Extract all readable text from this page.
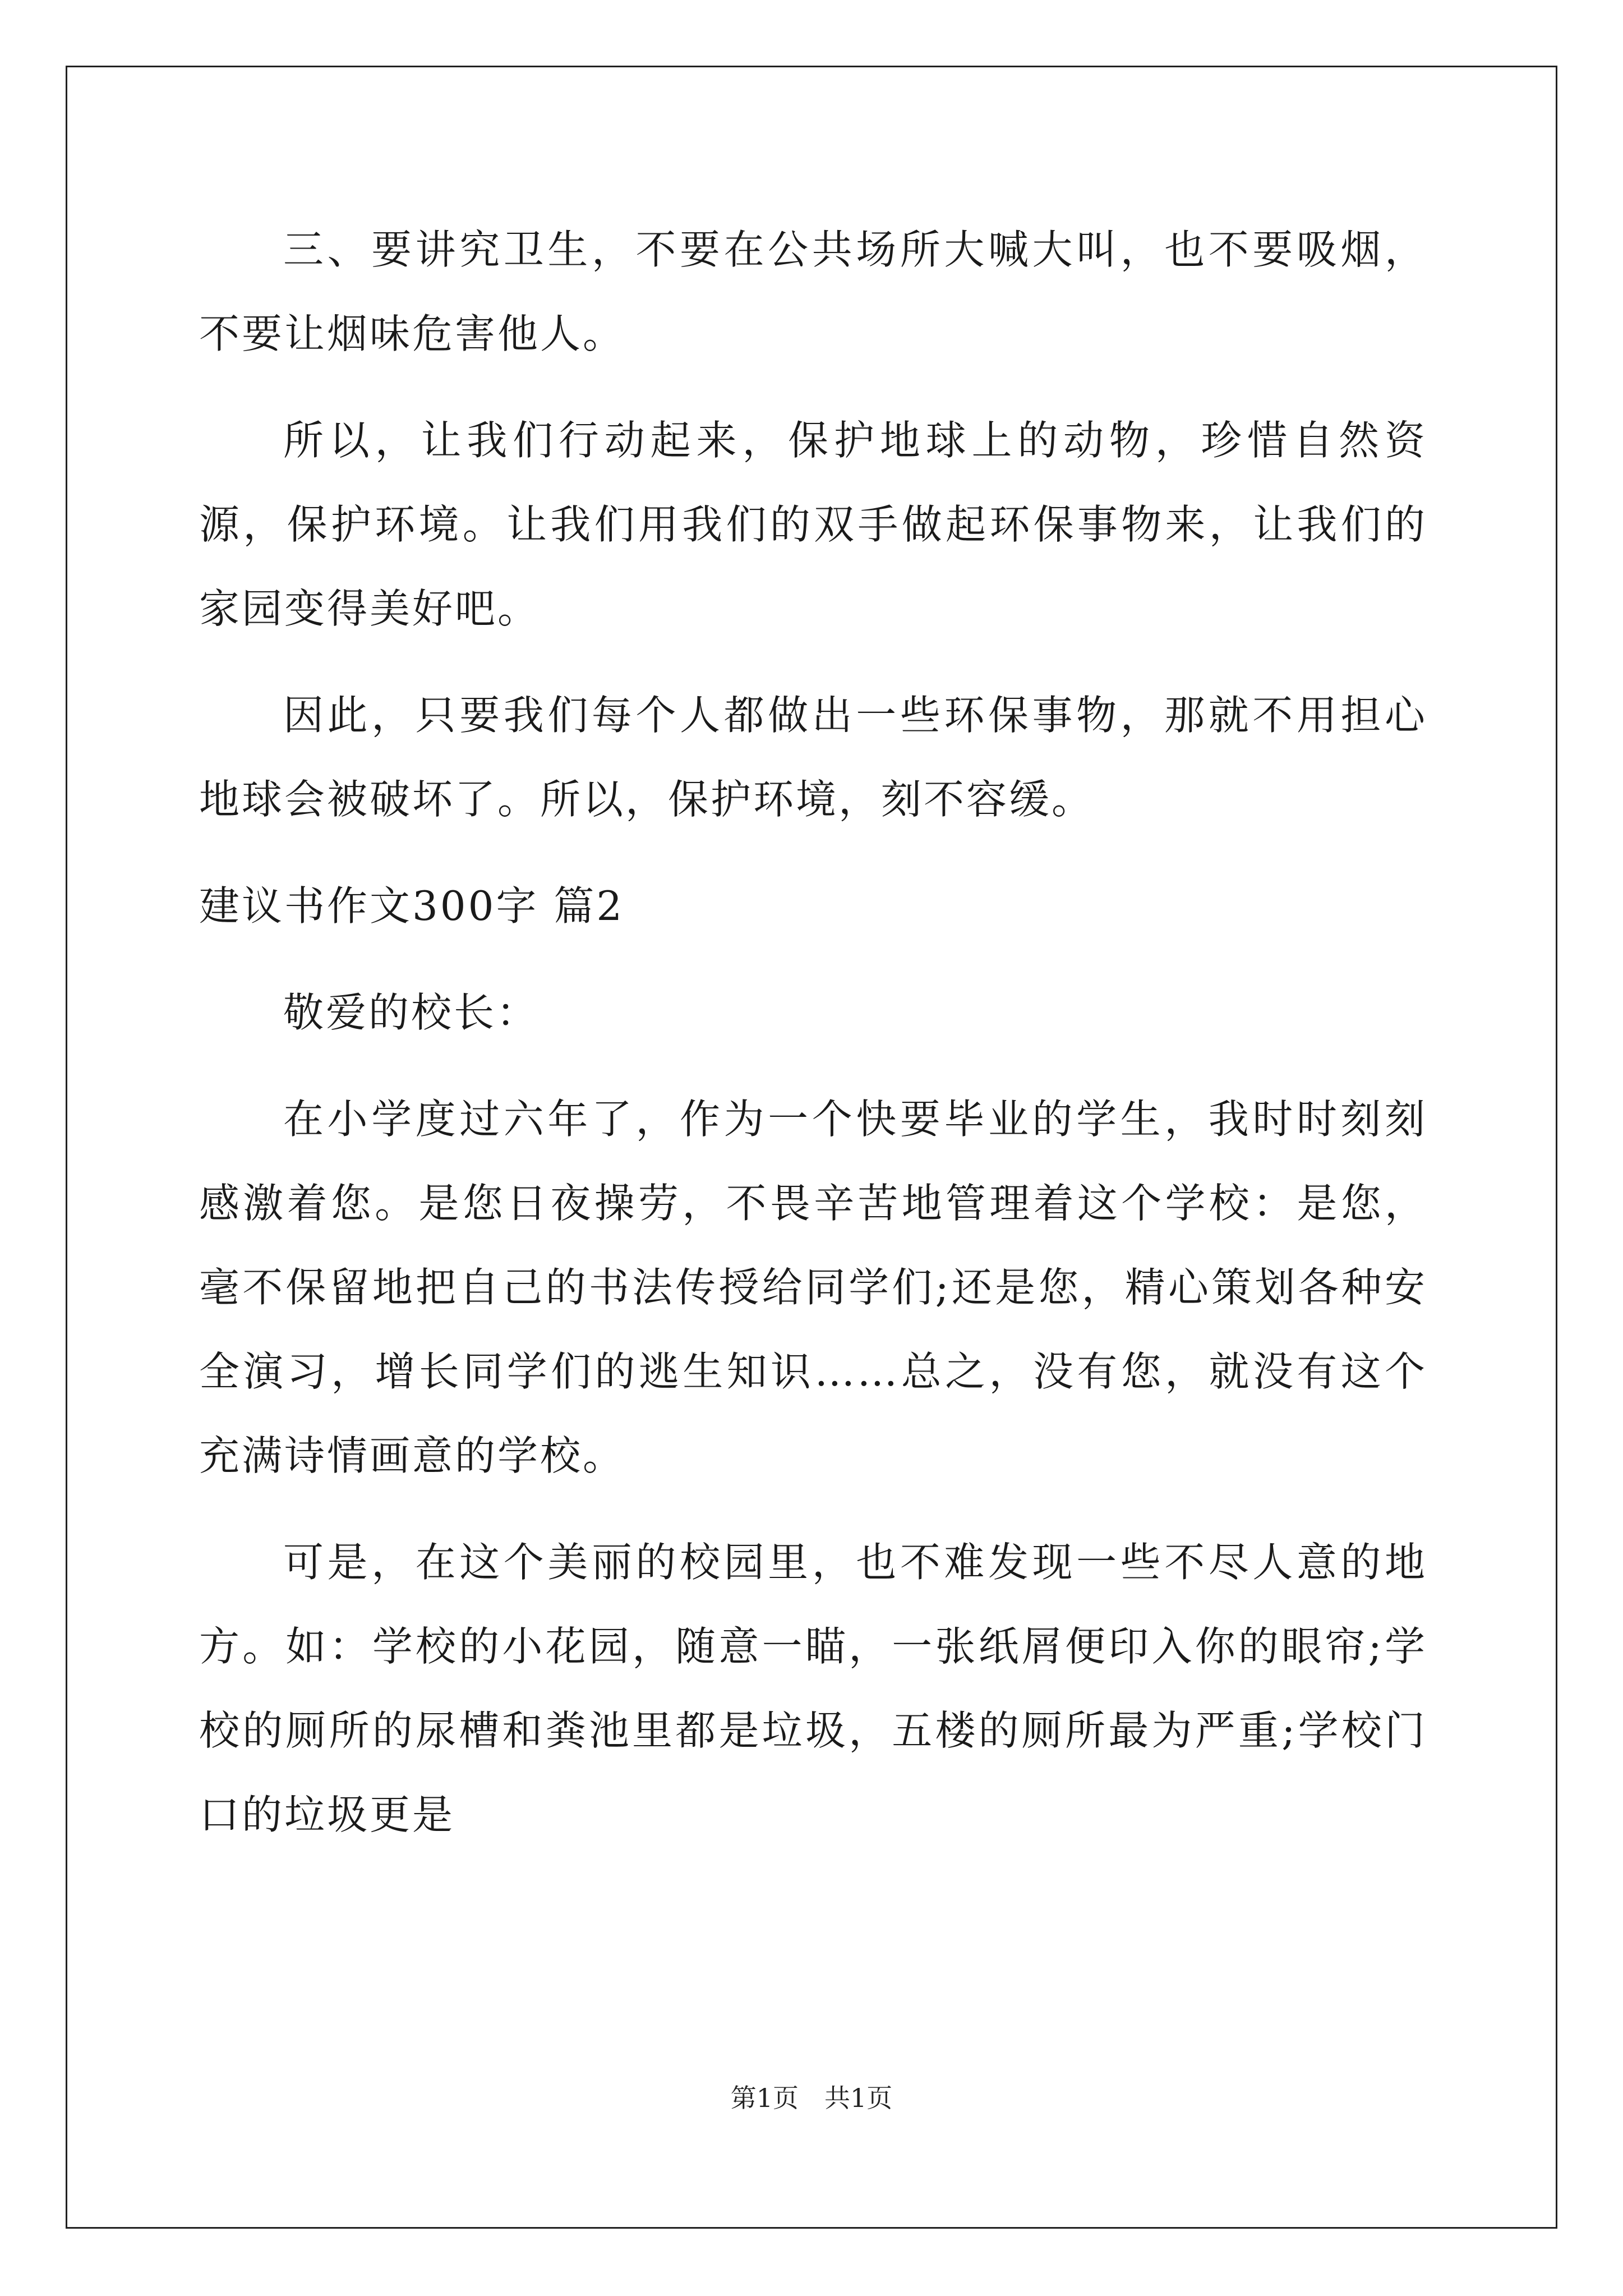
三、要讲究卫生，不要在公共场所大喊大叫，也不要吸烟，不要让烟味危害他人。

所以，让我们行动起来，保护地球上的动物，珍惜自然资源，保护环境。让我们用我们的双手做起环保事物来，让我们的家园变得美好吧。

因此，只要我们每个人都做出一些环保事物，那就不用担心地球会被破坏了。所以，保护环境，刻不容缓。

建议书作文300字 篇2

敬爱的校长：

在小学度过六年了，作为一个快要毕业的学生，我时时刻刻感激着您。是您日夜操劳，不畏辛苦地管理着这个学校：是您，毫不保留地把自己的书法传授给同学们;还是您，精心策划各种安全演习，增长同学们的逃生知识……总之，没有您，就没有这个充满诗情画意的学校。

可是，在这个美丽的校园里，也不难发现一些不尽人意的地方。如：学校的小花园，随意一瞄，一张纸屑便印入你的眼帘;学校的厕所的尿槽和粪池里都是垃圾，五楼的厕所最为严重;学校门口的垃圾更是

第1页　共1页
